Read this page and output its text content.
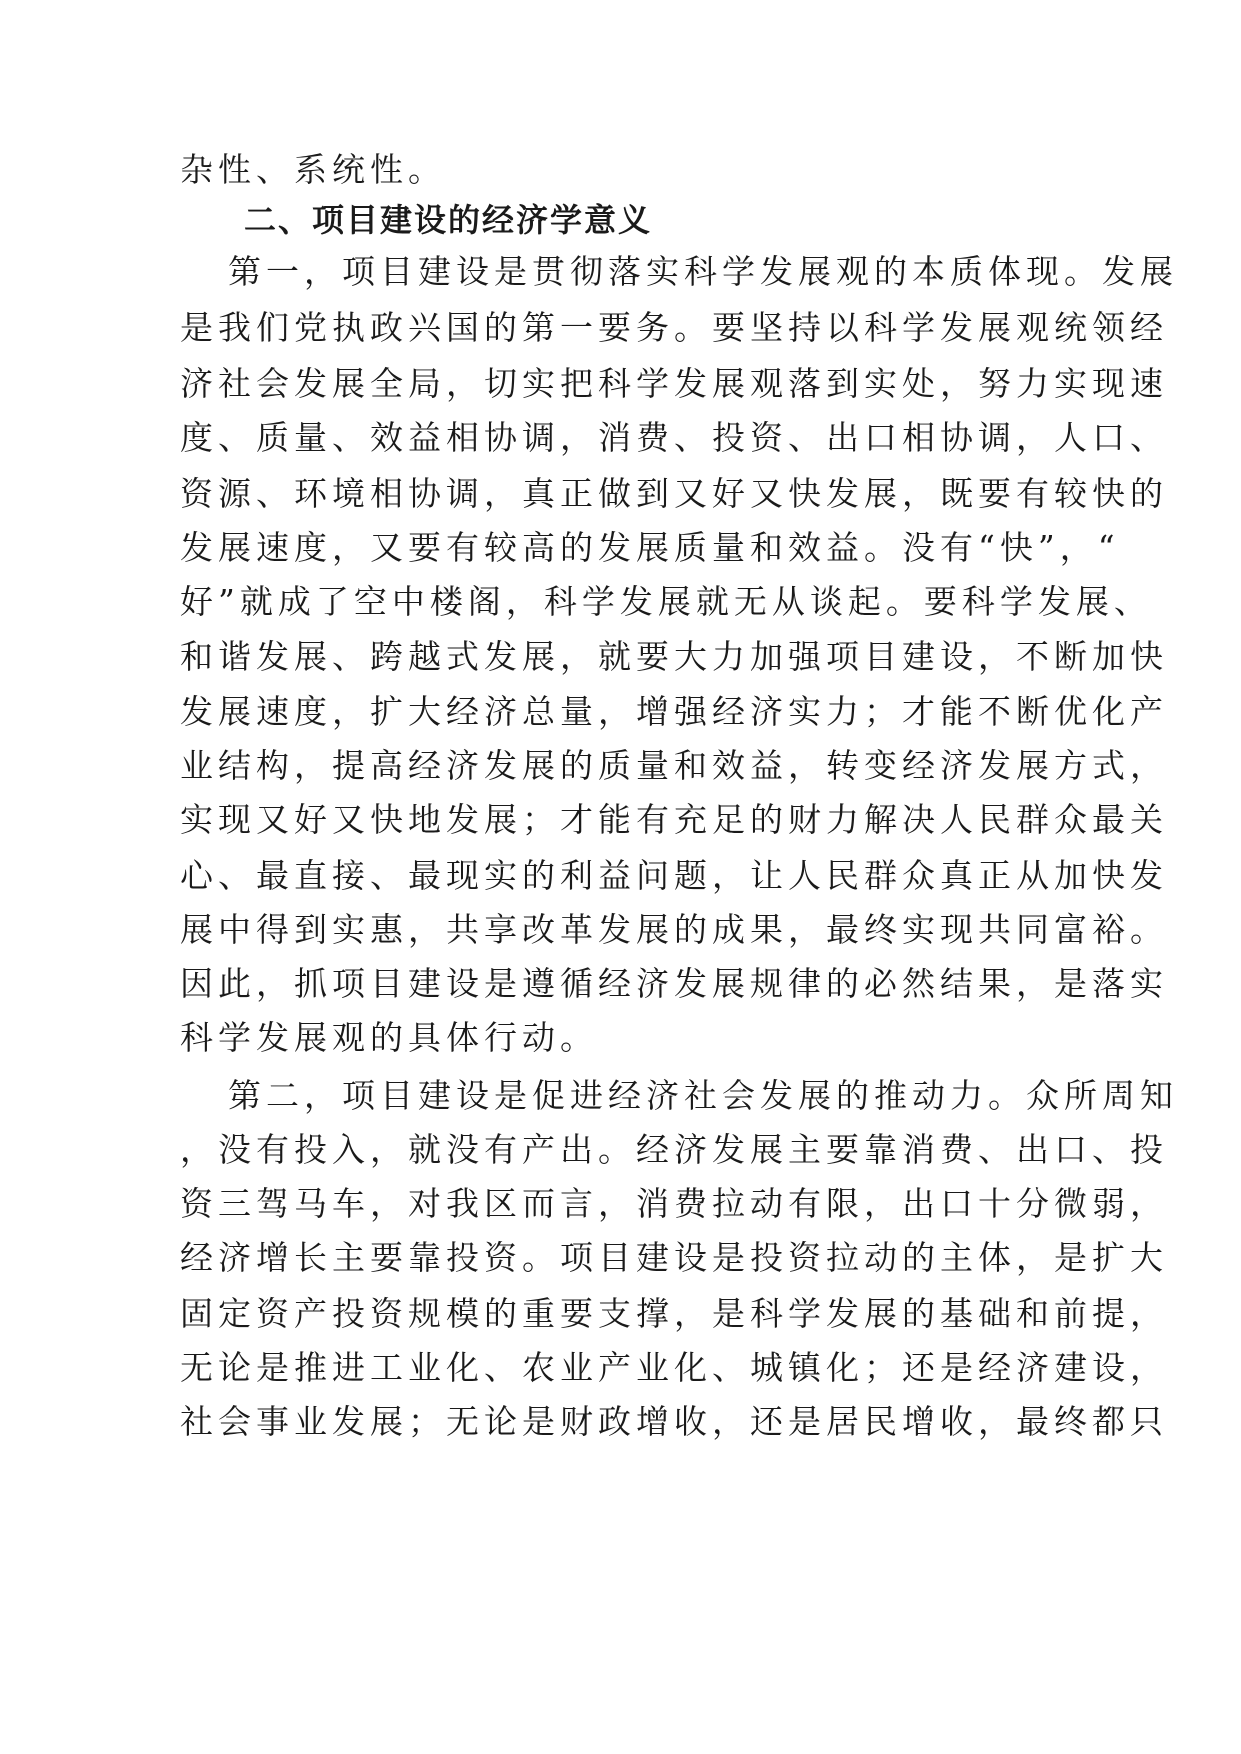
杂性、系统性。
二、项目建设的经济学意义
第一，项目建设是贯彻落实科学发展观的本质体现。发展
是我们党执政兴国的第一要务。要坚持以科学发展观统领经
济社会发展全局，切实把科学发展观落到实处，努力实现速
度、质量、效益相协调，消费、投资、出口相协调，人口、
资源、环境相协调，真正做到又好又快发展，既要有较快的
发展速度，又要有较高的发展质量和效益。没有“快”，“
好”就成了空中楼阁，科学发展就无从谈起。要科学发展、
和谐发展、跨越式发展，就要大力加强项目建设，不断加快
发展速度，扩大经济总量，增强经济实力；才能不断优化产
业结构，提高经济发展的质量和效益，转变经济发展方式，
实现又好又快地发展；才能有充足的财力解决人民群众最关
心、最直接、最现实的利益问题，让人民群众真正从加快发
展中得到实惠，共享改革发展的成果，最终实现共同富裕。
因此，抓项目建设是遵循经济发展规律的必然结果，是落实
科学发展观的具体行动。
第二，项目建设是促进经济社会发展的推动力。众所周知
，没有投入，就没有产出。经济发展主要靠消费、出口、投
资三驾马车，对我区而言，消费拉动有限，出口十分微弱，
经济增长主要靠投资。项目建设是投资拉动的主体，是扩大
固定资产投资规模的重要支撑，是科学发展的基础和前提，
无论是推进工业化、农业产业化、城镇化；还是经济建设，
社会事业发展；无论是财政增收，还是居民增收，最终都只
